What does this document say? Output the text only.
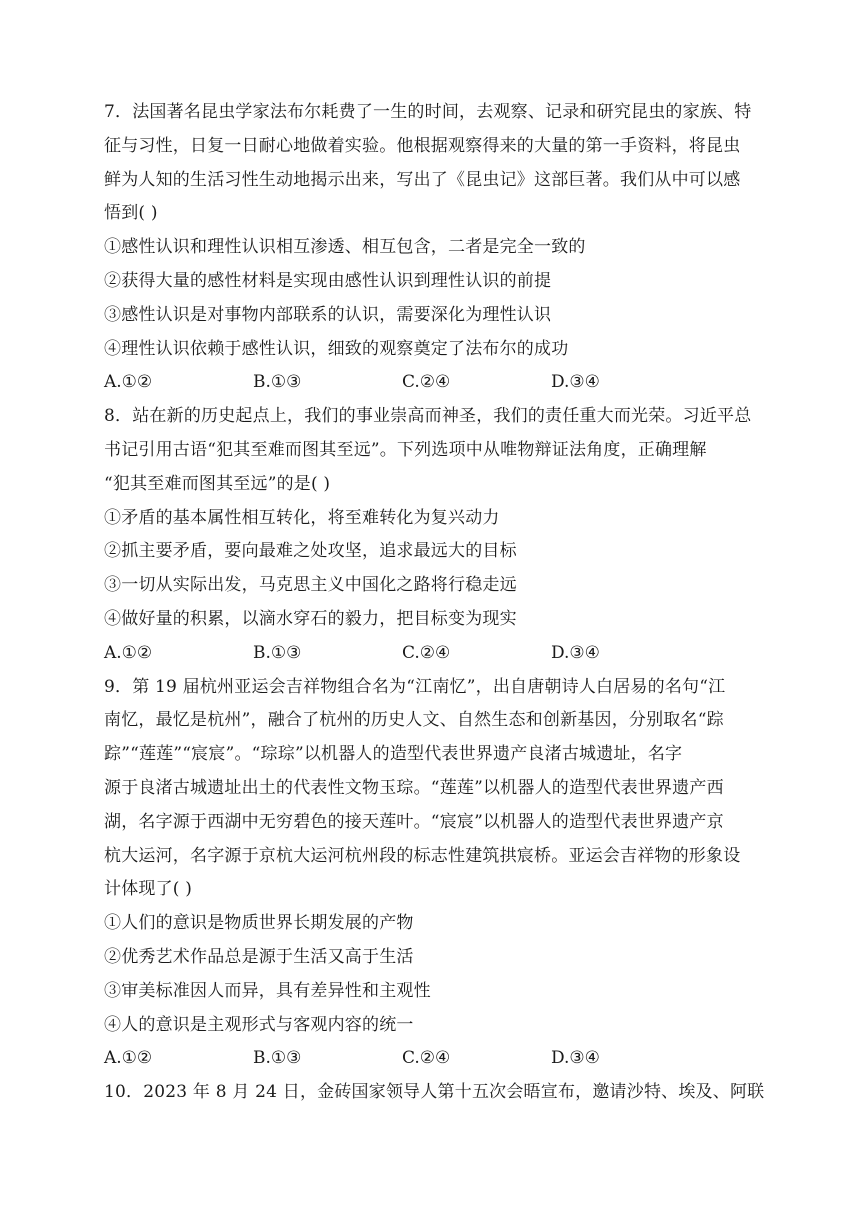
7．法国著名昆虫学家法布尔耗费了一生的时间，去观察、记录和研究昆虫的家族、特
征与习性，日复一日耐心地做着实验。他根据观察得来的大量的第一手资料，将昆虫
鲜为人知的生活习性生动地揭示出来，写出了《昆虫记》这部巨著。我们从中可以感
悟到( )
①感性认识和理性认识相互渗透、相互包含，二者是完全一致的
②获得大量的感性材料是实现由感性认识到理性认识的前提
③感性认识是对事物内部联系的认识，需要深化为理性认识
④理性认识依赖于感性认识，细致的观察奠定了法布尔的成功
A.①②	B.①③	C.②④	D.③④
8．站在新的历史起点上，我们的事业崇高而神圣，我们的责任重大而光荣。习近平总
书记引用古语“犯其至难而图其至远”。下列选项中从唯物辩证法角度，正确理解
“犯其至难而图其至远”的是( )
①矛盾的基本属性相互转化，将至难转化为复兴动力
②抓主要矛盾，要向最难之处攻坚，追求最远大的目标
③一切从实际出发，马克思主义中国化之路将行稳走远
④做好量的积累，以滴水穿石的毅力，把目标变为现实
A.①②	B.①③	C.②④	D.③④
9．第 19 届杭州亚运会吉祥物组合名为“江南忆”，出自唐朝诗人白居易的名句“江
南忆，最忆是杭州”，融合了杭州的历史人文、自然生态和创新基因，分别取名“踪
踪”“莲莲”“宸宸”。“琮琮”以机器人的造型代表世界遗产良渚古城遗址，名字
源于良渚古城遗址出土的代表性文物玉琮。“莲莲”以机器人的造型代表世界遗产西
湖，名字源于西湖中无穷碧色的接天莲叶。“宸宸”以机器人的造型代表世界遗产京
杭大运河，名字源于京杭大运河杭州段的标志性建筑拱宸桥。亚运会吉祥物的形象设
计体现了( )
①人们的意识是物质世界长期发展的产物
②优秀艺术作品总是源于生活又高于生活
③审美标准因人而异，具有差异性和主观性
④人的意识是主观形式与客观内容的统一
A.①②	B.①③	C.②④	D.③④
10．2023 年 8 月 24 日，金砖国家领导人第十五次会晤宣布，邀请沙特、埃及、阿联
